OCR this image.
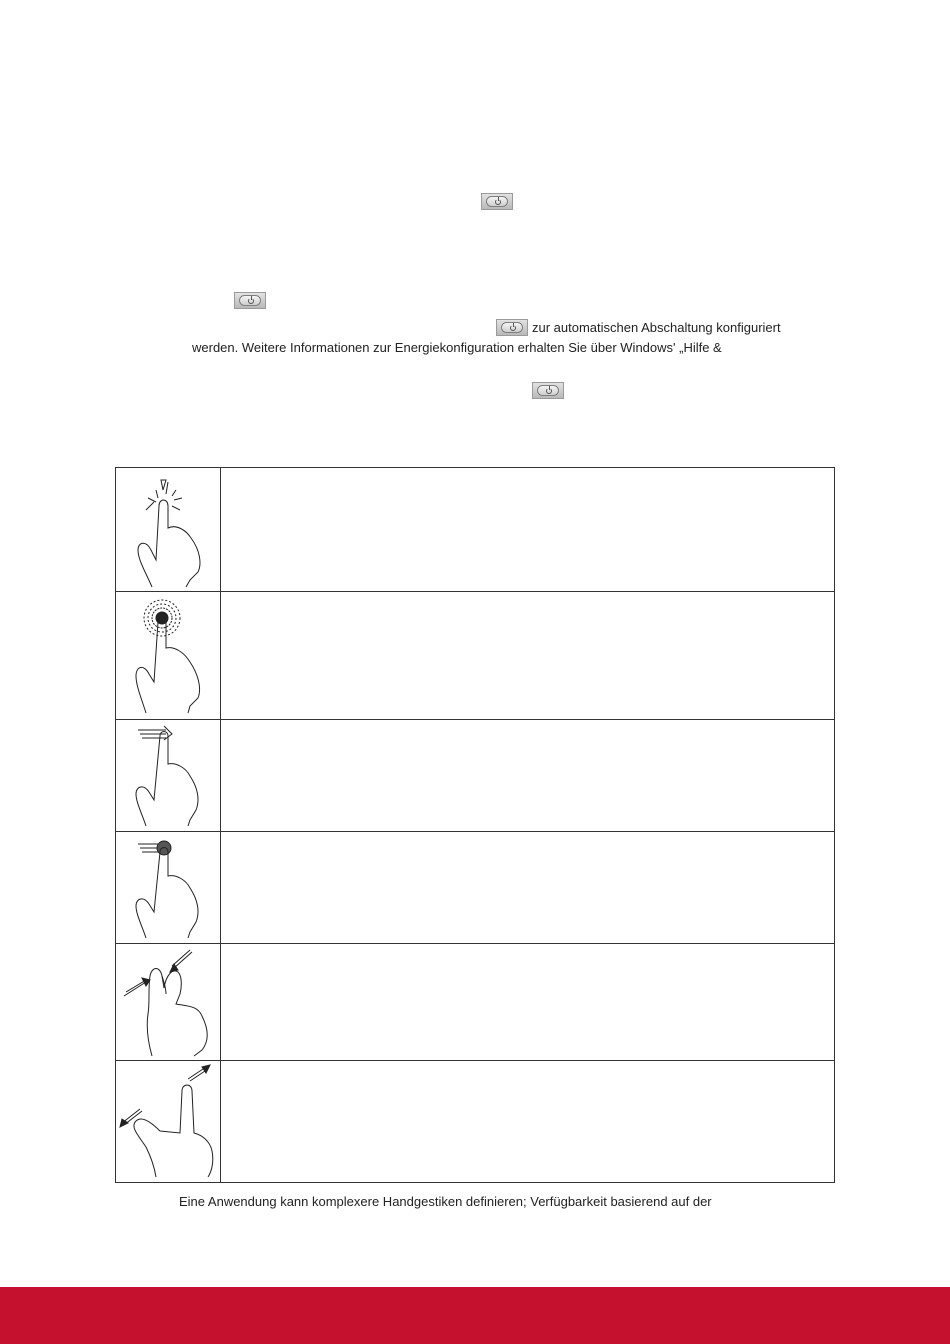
zur automatischen Abschaltung konfiguriert
werden. Weitere Informationen zur Energiekonfiguration erhalten Sie über Windows' „Hilfe &
Eine Anwendung kann komplexere Handgestiken definieren; Verfügbarkeit basierend auf der
